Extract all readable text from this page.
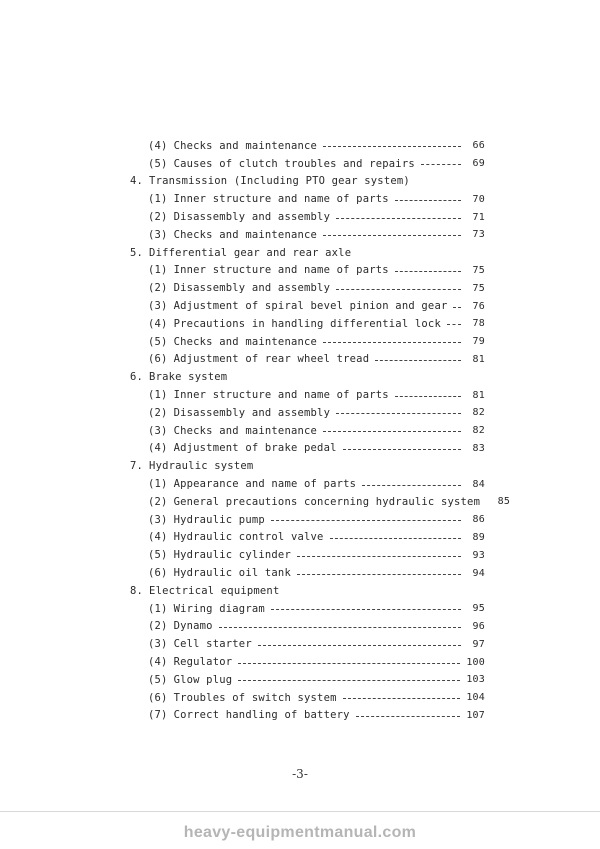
(4) Checks and maintenance	66
(5) Causes of clutch troubles and repairs	69
4. Transmission (Including PTO gear system)
(1) Inner structure and name of parts	70
(2) Disassembly and assembly	71
(3) Checks and maintenance	73
5. Differential gear and rear axle
(1) Inner structure and name of parts	75
(2) Disassembly and assembly	75
(3) Adjustment of spiral bevel pinion and gear	76
(4) Precautions in handling differential lock	78
(5) Checks and maintenance	79
(6) Adjustment of rear wheel tread	81
6. Brake system
(1) Inner structure and name of parts	81
(2) Disassembly and assembly	82
(3) Checks and maintenance	82
(4) Adjustment of brake pedal	83
7. Hydraulic system
(1) Appearance and name of parts	84
(2) General precautions concerning hydraulic system	85
(3) Hydraulic pump	86
(4) Hydraulic control valve	89
(5) Hydraulic cylinder	93
(6) Hydraulic oil tank	94
8. Electrical equipment
(1) Wiring diagram	95
(2) Dynamo	96
(3) Cell starter	97
(4) Regulator	100
(5) Glow plug	103
(6) Troubles of switch system	104
(7) Correct handling of battery	107
-3-
heavy-equipmentmanual.com
